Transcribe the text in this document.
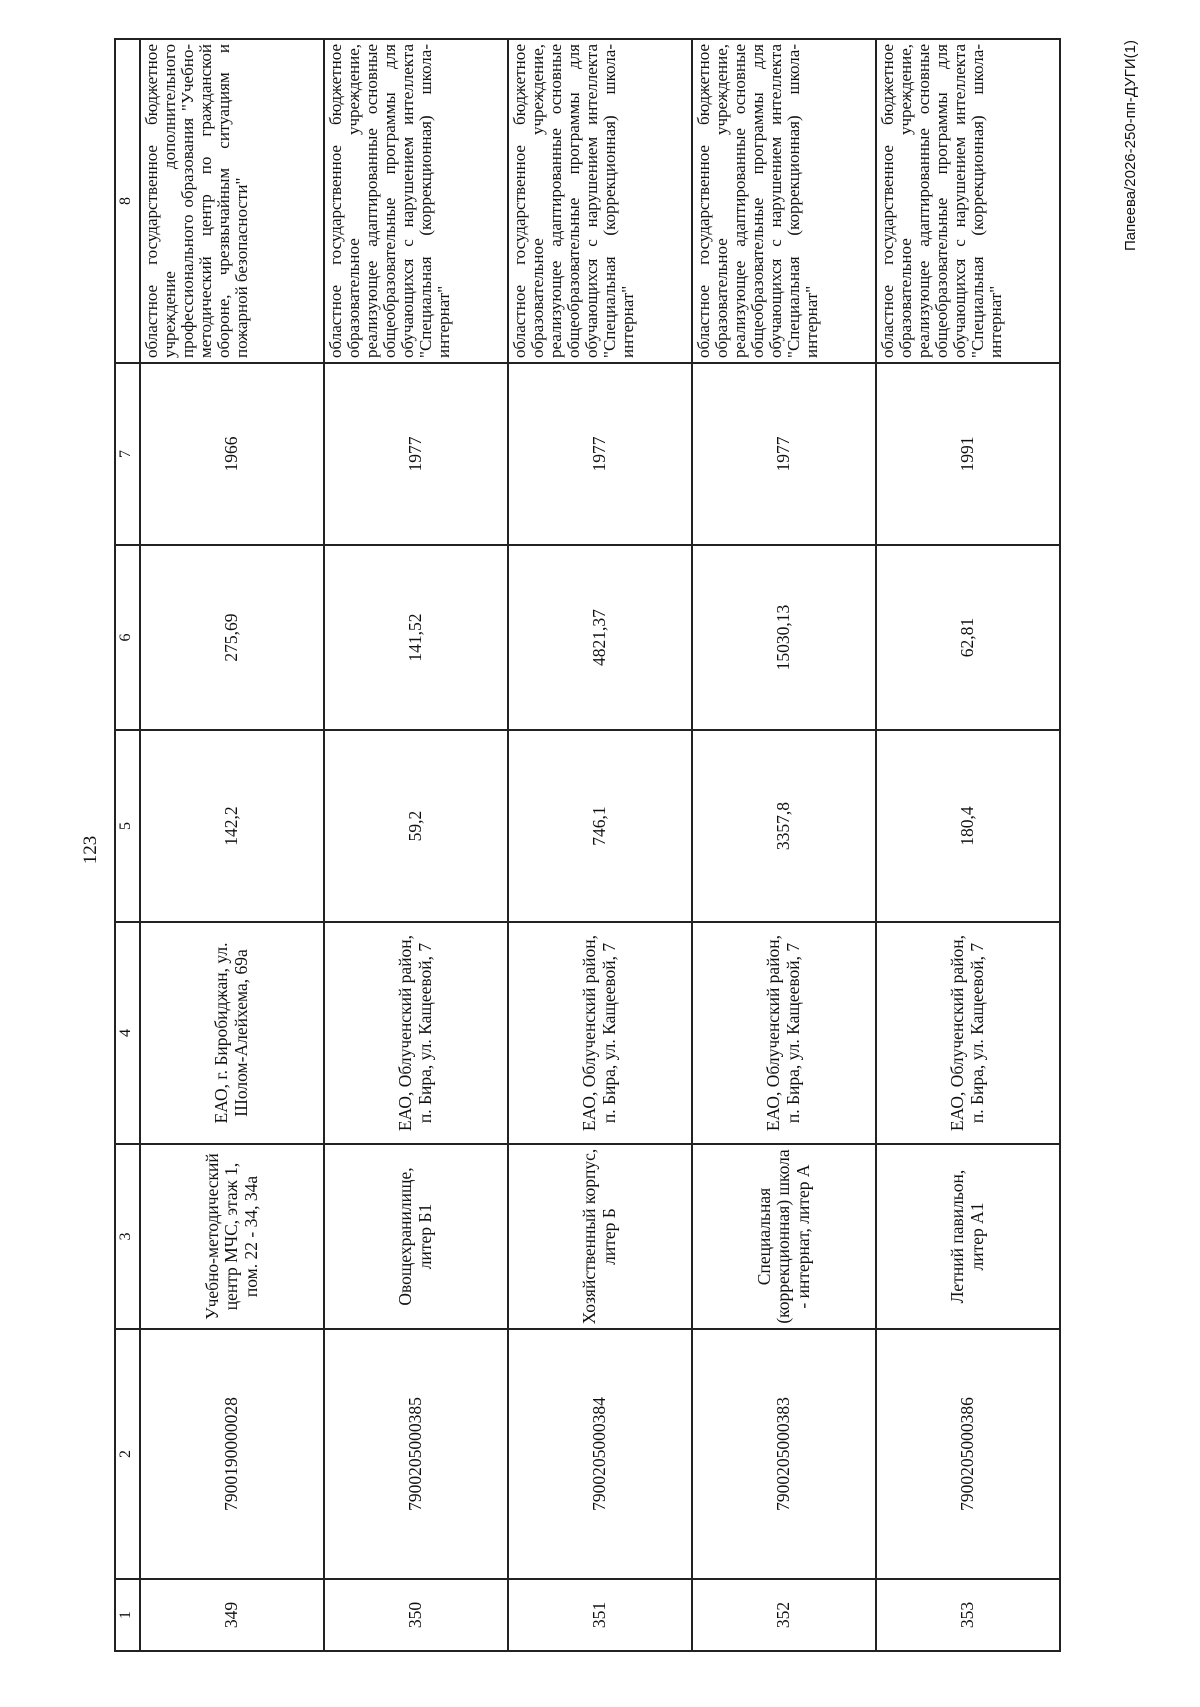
123
1	2	3	4	5	6	7	8
349	7900190000028	Учебно-методический центр МЧС, этаж 1, пом. 22 - 34, 34а	ЕАО, г. Биробиджан, ул. Шолом-Алейхема, 69а	142,2	275,69	1966	областное государственное бюджетное учреждение дополнительного профессионального образования "Учебно-методический центр по гражданской обороне, чрезвычайным ситуациям и пожарной безопасности"
350	7900205000385	Овощехранилище, литер Б1	ЕАО, Облученский район, п. Бира, ул. Кащеевой, 7	59,2	141,52	1977	областное государственное бюджетное образовательное учреждение, реализующее адаптированные основные общеобразовательные программы для обучающихся с нарушением интеллекта "Специальная (коррекционная) школа-интернат"
351	7900205000384	Хозяйственный корпус, литер Б	ЕАО, Облученский район, п. Бира, ул. Кащеевой, 7	746,1	4821,37	1977	областное государственное бюджетное образовательное учреждение, реализующее адаптированные основные общеобразовательные программы для обучающихся с нарушением интеллекта "Специальная (коррекционная) школа-интернат"
352	7900205000383	Специальная (коррекционная) школа - интернат, литер А	ЕАО, Облученский район, п. Бира, ул. Кащеевой, 7	3357,8	15030,13	1977	областное государственное бюджетное образовательное учреждение, реализующее адаптированные основные общеобразовательные программы для обучающихся с нарушением интеллекта "Специальная (коррекционная) школа-интернат"
353	7900205000386	Летний павильон, литер А1	ЕАО, Облученский район, п. Бира, ул. Кащеевой, 7	180,4	62,81	1991	областное государственное бюджетное образовательное учреждение, реализующее адаптированные основные общеобразовательные программы для обучающихся с нарушением интеллекта "Специальная (коррекционная) школа-интернат"
Папеева/2026-250-пп-ДУГИ(1)
